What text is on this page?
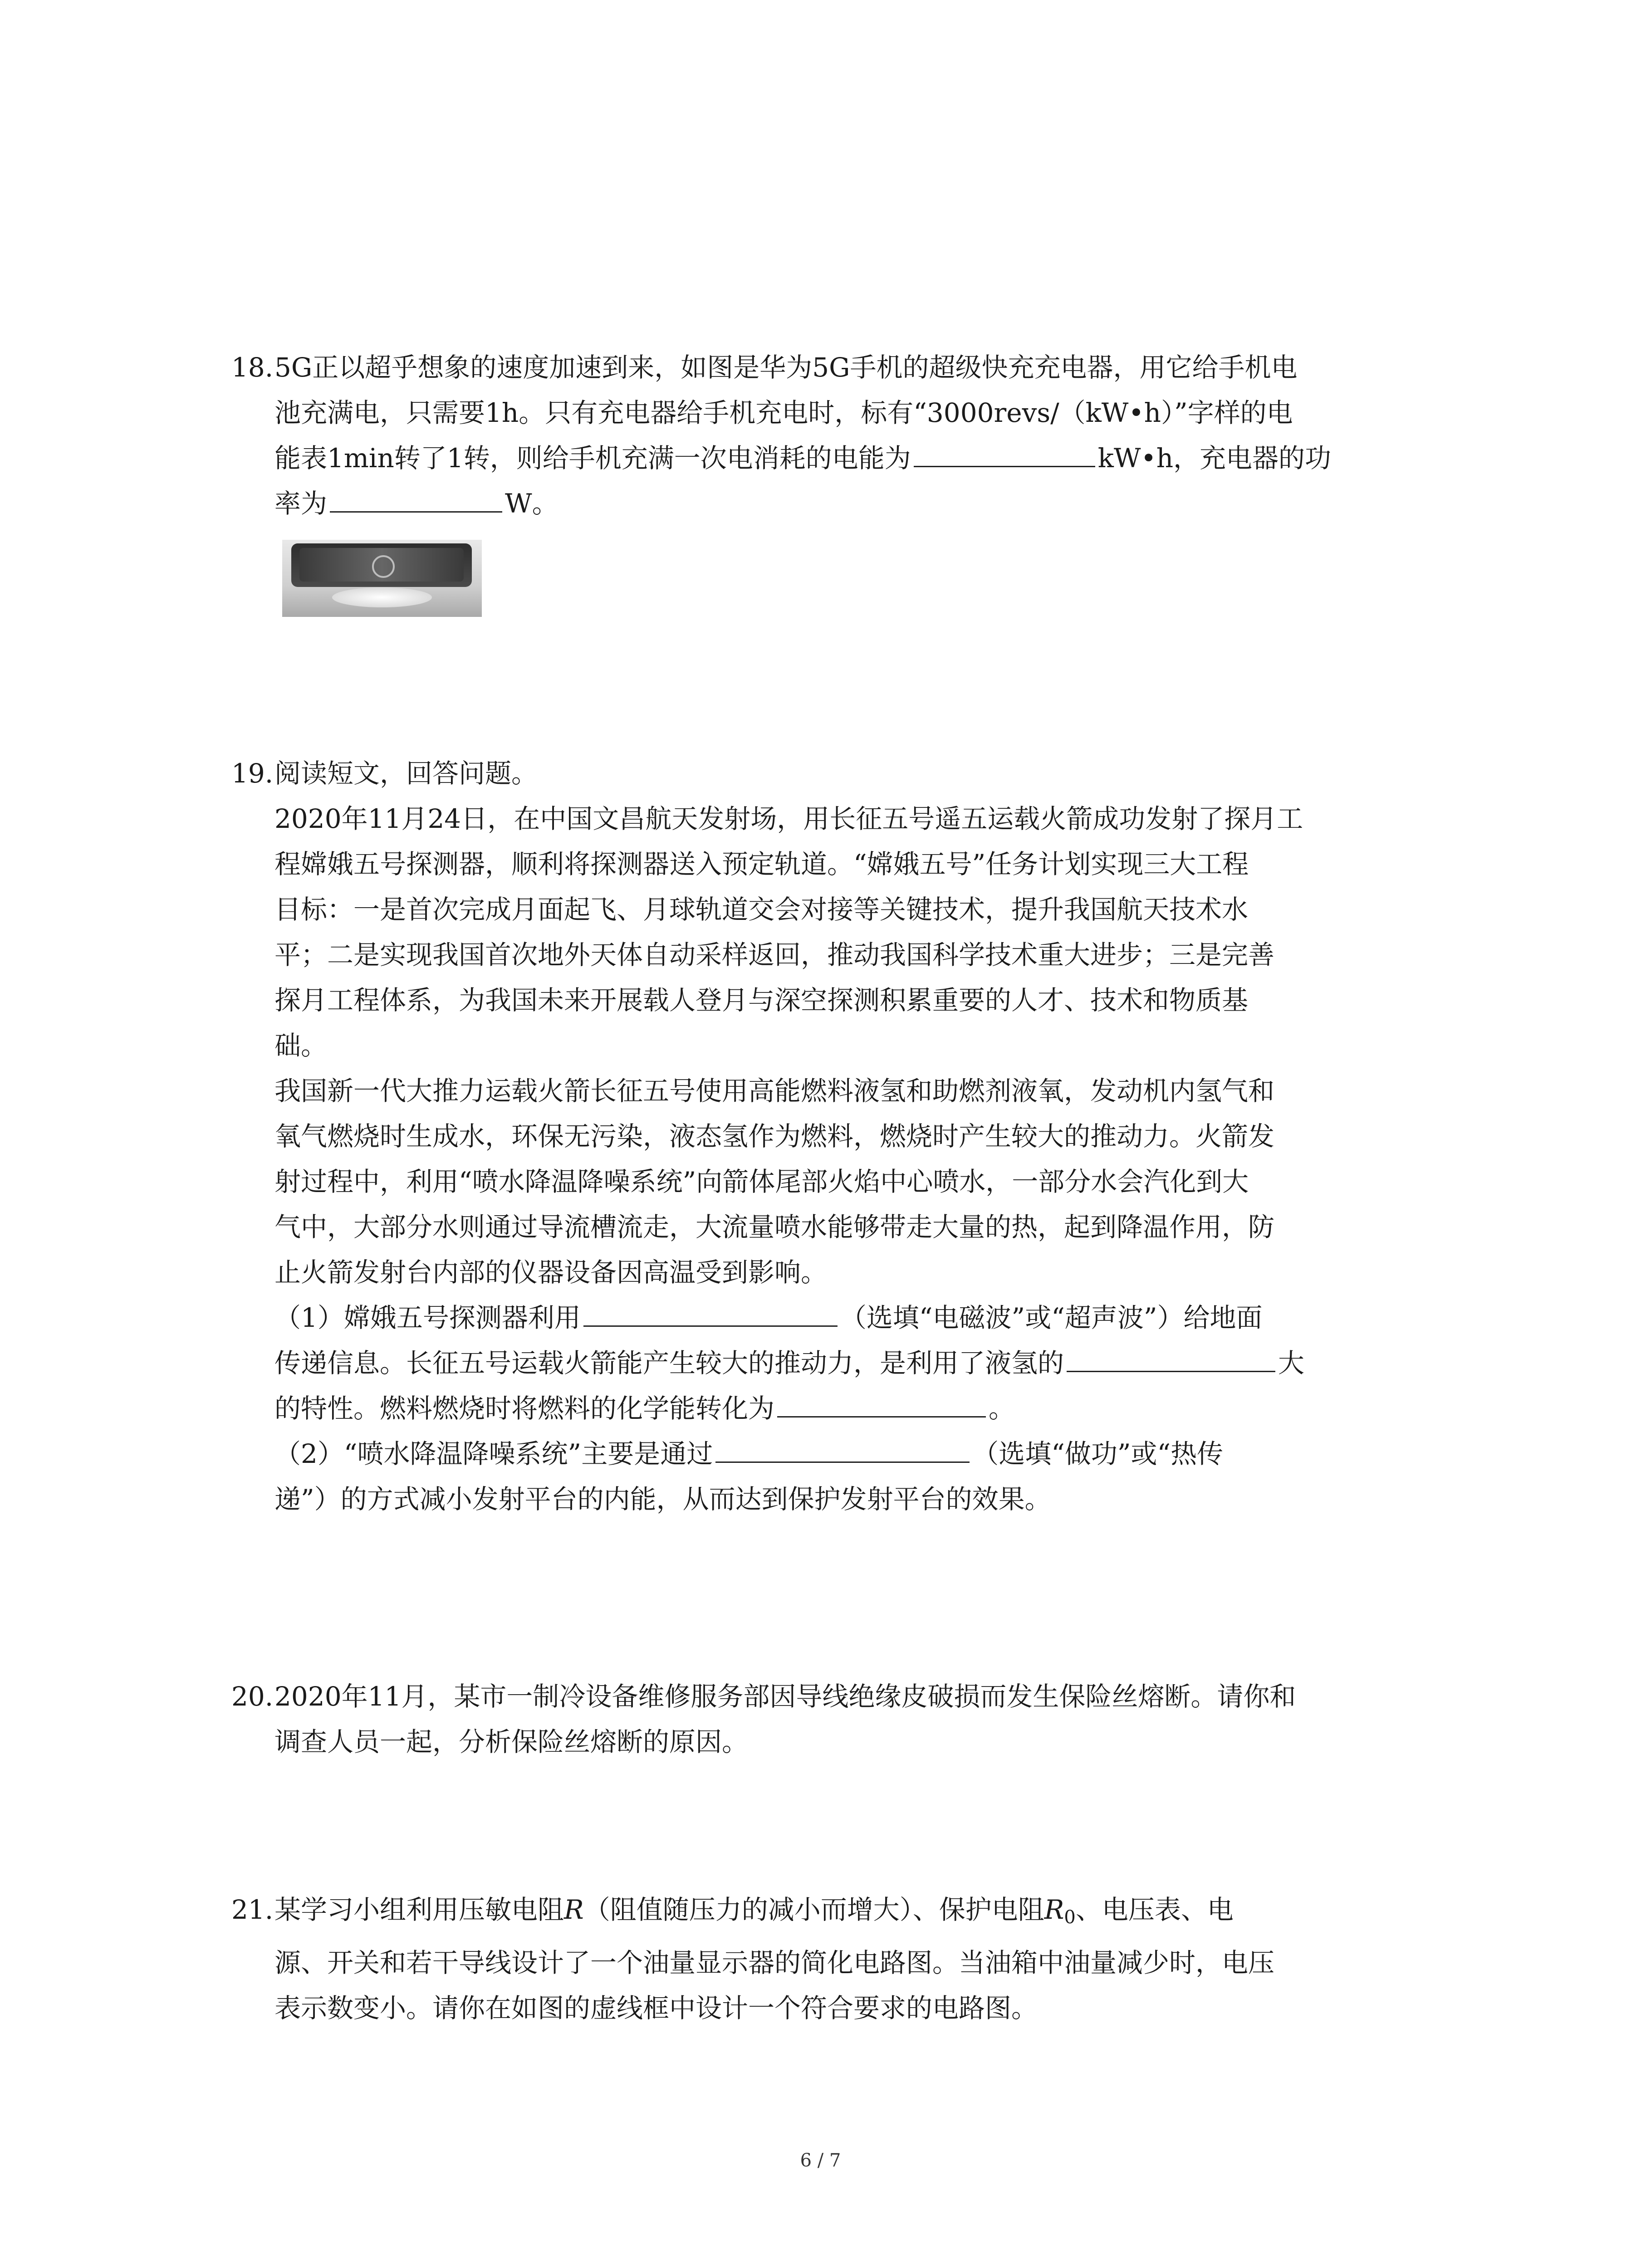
18.5G正以超乎想象的速度加速到来，如图是华为5G手机的超级快充充电器，用它给手机电
池充满电，只需要1h。只有充电器给手机充电时，标有“3000revs/（kW•h）”字样的电
能表1min转了1转，则给手机充满一次电消耗的电能为	kW•h，充电器的功
率为	W。
19.阅读短文，回答问题。
2020年11月24日，在中国文昌航天发射场，用长征五号遥五运载火箭成功发射了探月工
程嫦娥五号探测器，顺利将探测器送入预定轨道。“嫦娥五号”任务计划实现三大工程
目标：一是首次完成月面起飞、月球轨道交会对接等关键技术，提升我国航天技术水
平；二是实现我国首次地外天体自动采样返回，推动我国科学技术重大进步；三是完善
探月工程体系，为我国未来开展载人登月与深空探测积累重要的人才、技术和物质基
础。
我国新一代大推力运载火箭长征五号使用高能燃料液氢和助燃剂液氧，发动机内氢气和
氧气燃烧时生成水，环保无污染，液态氢作为燃料，燃烧时产生较大的推动力。火箭发
射过程中，利用“喷水降温降噪系统”向箭体尾部火焰中心喷水，一部分水会汽化到大
气中，大部分水则通过导流槽流走，大流量喷水能够带走大量的热，起到降温作用，防
止火箭发射台内部的仪器设备因高温受到影响。
（1）嫦娥五号探测器利用	（选填“电磁波”或“超声波”）给地面
传递信息。长征五号运载火箭能产生较大的推动力，是利用了液氢的	大
的特性。燃料燃烧时将燃料的化学能转化为	。
（2）“喷水降温降噪系统”主要是通过	（选填“做功”或“热传
递”）的方式减小发射平台的内能，从而达到保护发射平台的效果。
20.2020年11月，某市一制冷设备维修服务部因导线绝缘皮破损而发生保险丝熔断。请你和
调查人员一起，分析保险丝熔断的原因。
21.某学习小组利用压敏电阻R（阻值随压力的减小而增大）、保护电阻$R_0$、电压表、电
源、开关和若干导线设计了一个油量显示器的简化电路图。当油箱中油量减少时，电压
表示数变小。请你在如图的虚线框中设计一个符合要求的电路图。
6 / 7
